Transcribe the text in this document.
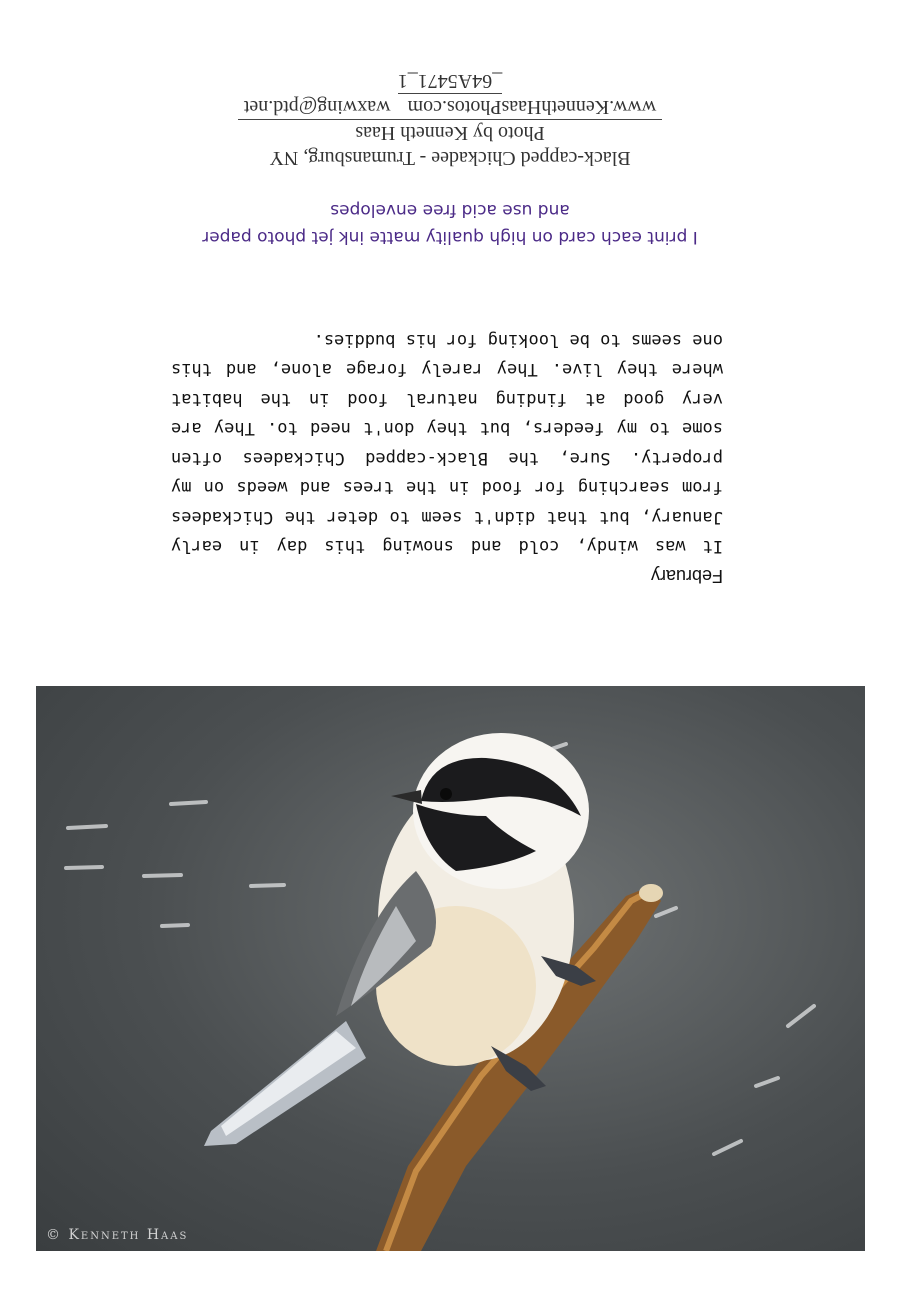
February
It was windy, cold and snowing this day in early January, but that didn't seem to deter the Chickadees from searching for food in the trees and weeds on my property. Sure, the Black-capped Chickadees often some to my feeders, but they don't need to. They are very good at finding natural food in the habitat where they live. They rarely forage alone, and this one seems to be looking for his buddies.
I print each card on high quality matte ink jet photo paper
and use acid free envelopes
Black-capped Chickadee - Trumansburg, NY
Photo by Kenneth Haas
www.KennethHaasPhotos.com waxwing@ptd.net
_64A5471_1
© Kenneth Haas
